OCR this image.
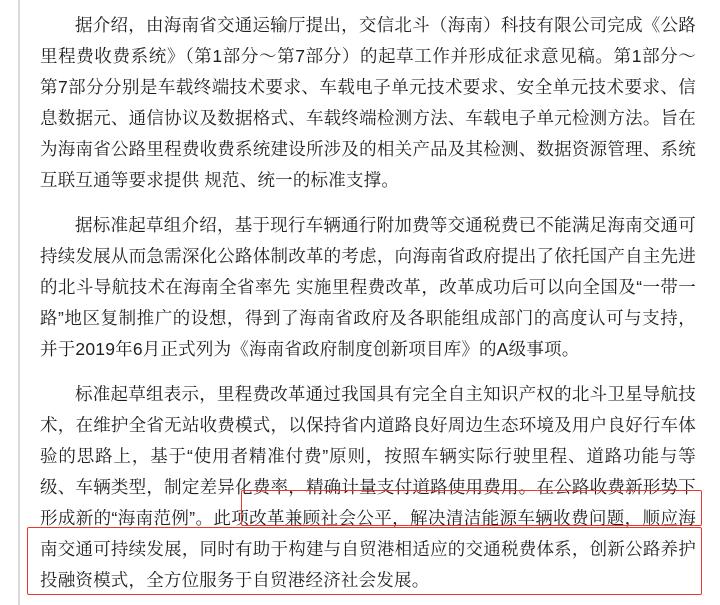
据介绍，由海南省交通运输厅提出，交信北斗（海南）科技有限公司完成《公路里程费收费系统》（第1部分～第7部分）的起草工作并形成征求意见稿。第1部分～第7部分分别是车载终端技术要求、车载电子单元技术要求、安全单元技术要求、信息数据元、通信协议及数据格式、车载终端检测方法、车载电子单元检测方法。旨在为海南省公路里程费收费系统建设所涉及的相关产品及其检测、数据资源管理、系统互联互通等要求提供 规范、统一的标准支撑。

据标准起草组介绍，基于现行车辆通行附加费等交通税费已不能满足海南交通可持续发展从而急需深化公路体制改革的考虑，向海南省政府提出了依托国产自主先进的北斗导航技术在海南全省率先 实施里程费改革，改革成功后可以向全国及“一带一路”地区复制推广的设想，得到了海南省政府及各职能组成部门的高度认可与支持，并于2019年6月正式列为《海南省政府制度创新项目库》的A级事项。

标准起草组表示，里程费改革通过我国具有完全自主知识产权的北斗卫星导航技术，在维护全省无站收费模式，以保持省内道路良好周边生态环境及用户良好行车体验的思路上，基于“使用者精准付费”原则，按照车辆实际行驶里程、道路功能与等级、车辆类型，制定差异化费率，精确计量支付道路使用费用。在公路收费新形势下形成新的“海南范例”。此项改革兼顾社会公平，解决清洁能源车辆收费问题，顺应海南交通可持续发展，同时有助于构建与自贸港相适应的交通税费体系，创新公路养护投融资模式，全方位服务于自贸港经济社会发展。
